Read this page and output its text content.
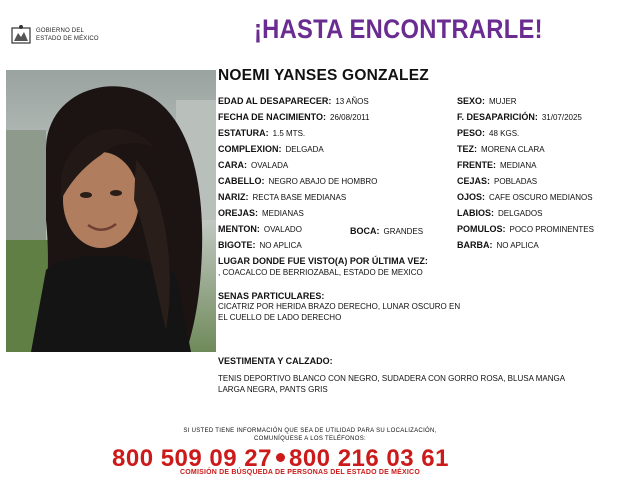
GOBIERNO DEL
ESTADO DE MÉXICO	¡HASTA ENCONTRARLE!
NOEMI YANSES GONZALEZ
EDAD AL DESAPARECER: 13 AÑOS
FECHA DE NACIMIENTO: 26/08/2011
ESTATURA: 1.5 MTS.
COMPLEXION: DELGADA
CARA: OVALADA
CABELLO: NEGRO ABAJO DE HOMBRO
NARIZ: RECTA BASE MEDIANAS
OREJAS: MEDIANAS
MENTON: OVALADO	BOCA: GRANDES
BIGOTE: NO APLICA
SEXO: MUJER
F. DESAPARICIÓN: 31/07/2025
PESO: 48 KGS.
TEZ: MORENA CLARA
FRENTE: MEDIANA
CEJAS: POBLADAS
OJOS: CAFE OSCURO MEDIANOS
LABIOS: DELGADOS
POMULOS: POCO PROMINENTES
BARBA: NO APLICA
LUGAR DONDE FUE VISTO(A) POR ÚLTIMA VEZ:
, COACALCO DE BERRIOZABAL, ESTADO DE MEXICO
SENAS PARTICULARES:
CICATRIZ POR HERIDA BRAZO DERECHO, LUNAR OSCURO EN EL CUELLO DE LADO DERECHO
VESTIMENTA Y CALZADO:
TENIS DEPORTIVO BLANCO CON NEGRO, SUDADERA CON GORRO ROSA, BLUSA MANGA LARGA NEGRA, PANTS GRIS
SI USTED TIENE INFORMACIÓN QUE SEA DE UTILIDAD PARA SU LOCALIZACIÓN,
COMUNÍQUESE A LOS TELÉFONOS:
800 509 09 27 800 216 03 61
COMISIÓN DE BÚSQUEDA DE PERSONAS DEL ESTADO DE MÉXICO
